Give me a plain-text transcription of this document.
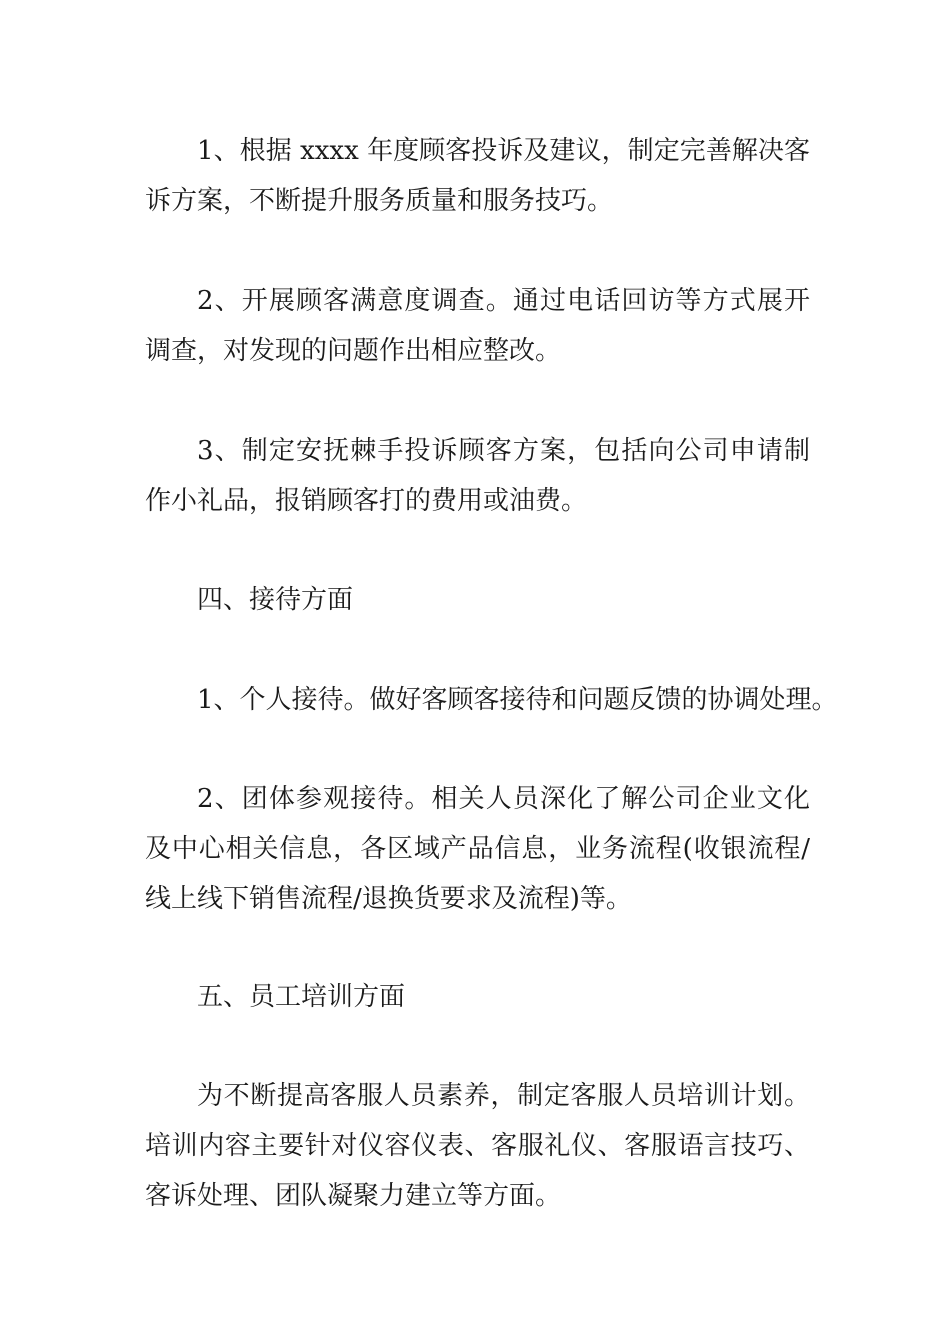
1、根据 xxxx 年度顾客投诉及建议，制定完善解决客诉方案，不断提升服务质量和服务技巧。

2、开展顾客满意度调查。通过电话回访等方式展开调查，对发现的问题作出相应整改。

3、制定安抚棘手投诉顾客方案，包括向公司申请制作小礼品，报销顾客打的费用或油费。

四、接待方面

1、个人接待。做好客顾客接待和问题反馈的协调处理。

2、团体参观接待。相关人员深化了解公司企业文化及中心相关信息，各区域产品信息，业务流程(收银流程/线上线下销售流程/退换货要求及流程)等。

五、员工培训方面

为不断提高客服人员素养，制定客服人员培训计划。培训内容主要针对仪容仪表、客服礼仪、客服语言技巧、客诉处理、团队凝聚力建立等方面。
